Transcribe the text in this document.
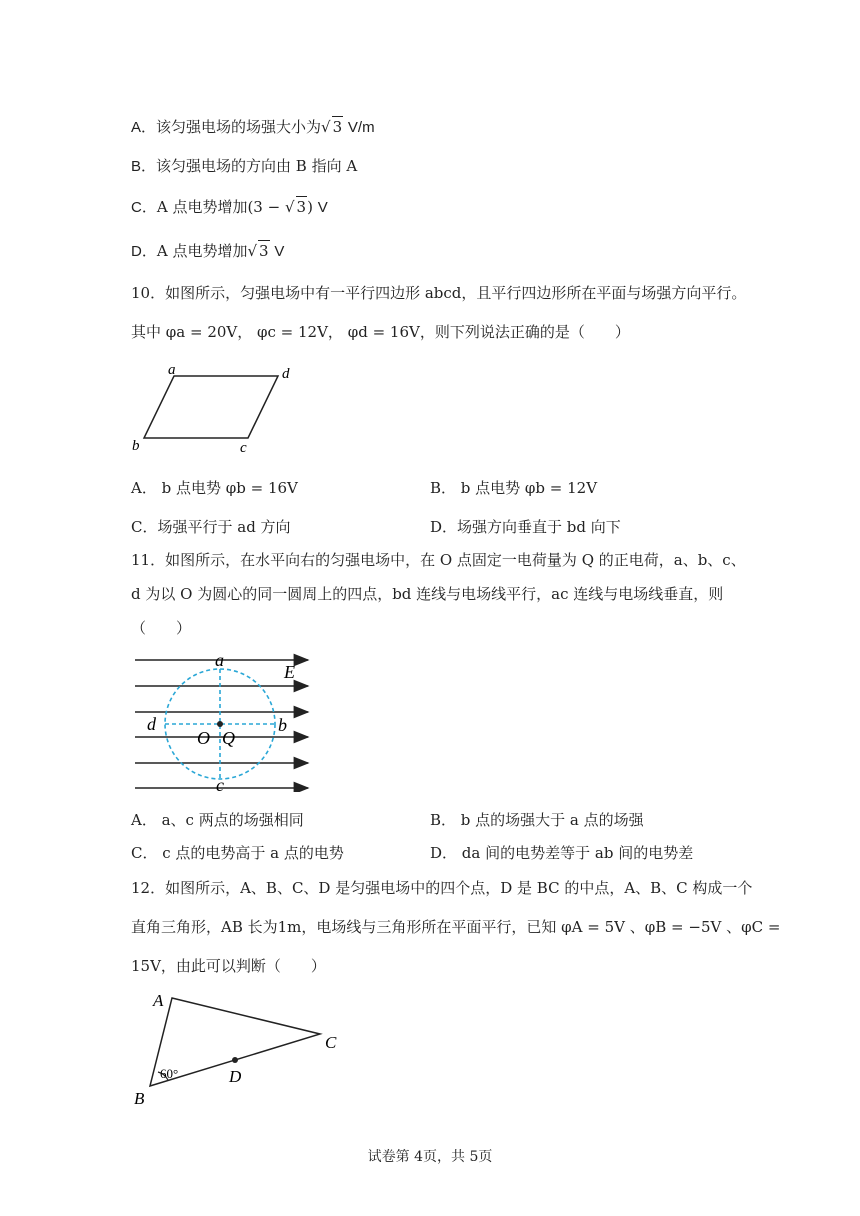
A．该匀强电场的场强大小为√ 3 V/m
B．该匀强电场的方向由 B 指向 A
C．A 点电势增加(3 − √ 3) V
D．A 点电势增加√ 3 V
10．如图所示，匀强电场中有一平行四边形 abcd，且平行四边形所在平面与场强方向平行。
其中 φa = 20V， φc = 12V， φd = 16V，则下列说法正确的是（　　）
a	d
b	c
A． b 点电势 φb = 16V	B． b 点电势 φb = 12V
C．场强平行于 ad 方向	D．场强方向垂直于 bd 向下
11．如图所示，在水平向右的匀强电场中，在 O 点固定一电荷量为 Q 的正电荷，a、b、c、
d 为以 O 为圆心的同一圆周上的四点，bd 连线与电场线平行，ac 连线与电场线垂直，则
（　　）
a
E
d	b
O Q
c
A． a、c 两点的场强相同	B． b 点的场强大于 a 点的场强
C． c 点的电势高于 a 点的电势	D． da 间的电势差等于 ab 间的电势差
12．如图所示，A、B、C、D 是匀强电场中的四个点，D 是 BC 的中点，A、B、C 构成一个
直角三角形，AB 长为1m，电场线与三角形所在平面平行，已知 φA = 5V 、φB = −5V 、φC =
15V，由此可以判断（　　）
A
C
D
B
60°
试卷第 4页，共 5页
